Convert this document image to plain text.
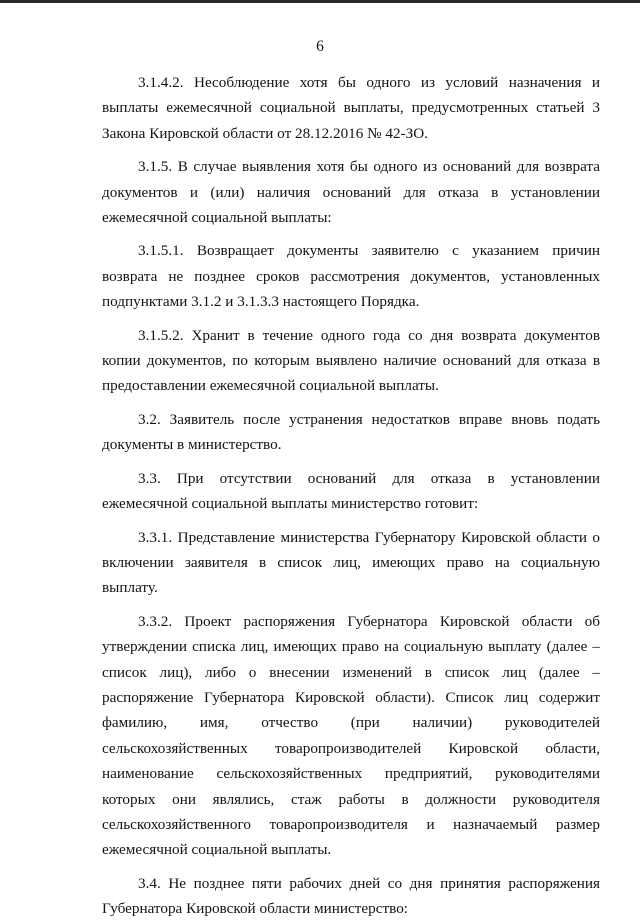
6

3.1.4.2. Несоблюдение хотя бы одного из условий назначения и выплаты ежемесячной социальной выплаты, предусмотренных статьей 3 Закона Кировской области от 28.12.2016 № 42-ЗО.

3.1.5. В случае выявления хотя бы одного из оснований для возврата документов и (или) наличия оснований для отказа в установлении ежемесячной социальной выплаты:

3.1.5.1. Возвращает документы заявителю с указанием причин возврата не позднее сроков рассмотрения документов, установленных подпунктами 3.1.2 и 3.1.3.3 настоящего Порядка.

3.1.5.2. Хранит в течение одного года со дня возврата документов копии документов, по которым выявлено наличие оснований для отказа в предоставлении ежемесячной социальной выплаты.

3.2. Заявитель после устранения недостатков вправе вновь подать документы в министерство.

3.3. При отсутствии оснований для отказа в установлении ежемесячной социальной выплаты министерство готовит:

3.3.1. Представление министерства Губернатору Кировской области о включении заявителя в список лиц, имеющих право на социальную выплату.

3.3.2. Проект распоряжения Губернатора Кировской области об утверждении списка лиц, имеющих право на социальную выплату (далее – список лиц), либо о внесении изменений в список лиц (далее – распоряжение Губернатора Кировской области). Список лиц содержит фамилию, имя, отчество (при наличии) руководителей сельскохозяйственных товаропроизводителей Кировской области, наименование сельскохозяйственных предприятий, руководителями которых они являлись, стаж работы в должности руководителя сельскохозяйственного товаропроизводителя и назначаемый размер ежемесячной социальной выплаты.

3.4. Не позднее пяти рабочих дней со дня принятия распоряжения Губернатора Кировской области министерство:
